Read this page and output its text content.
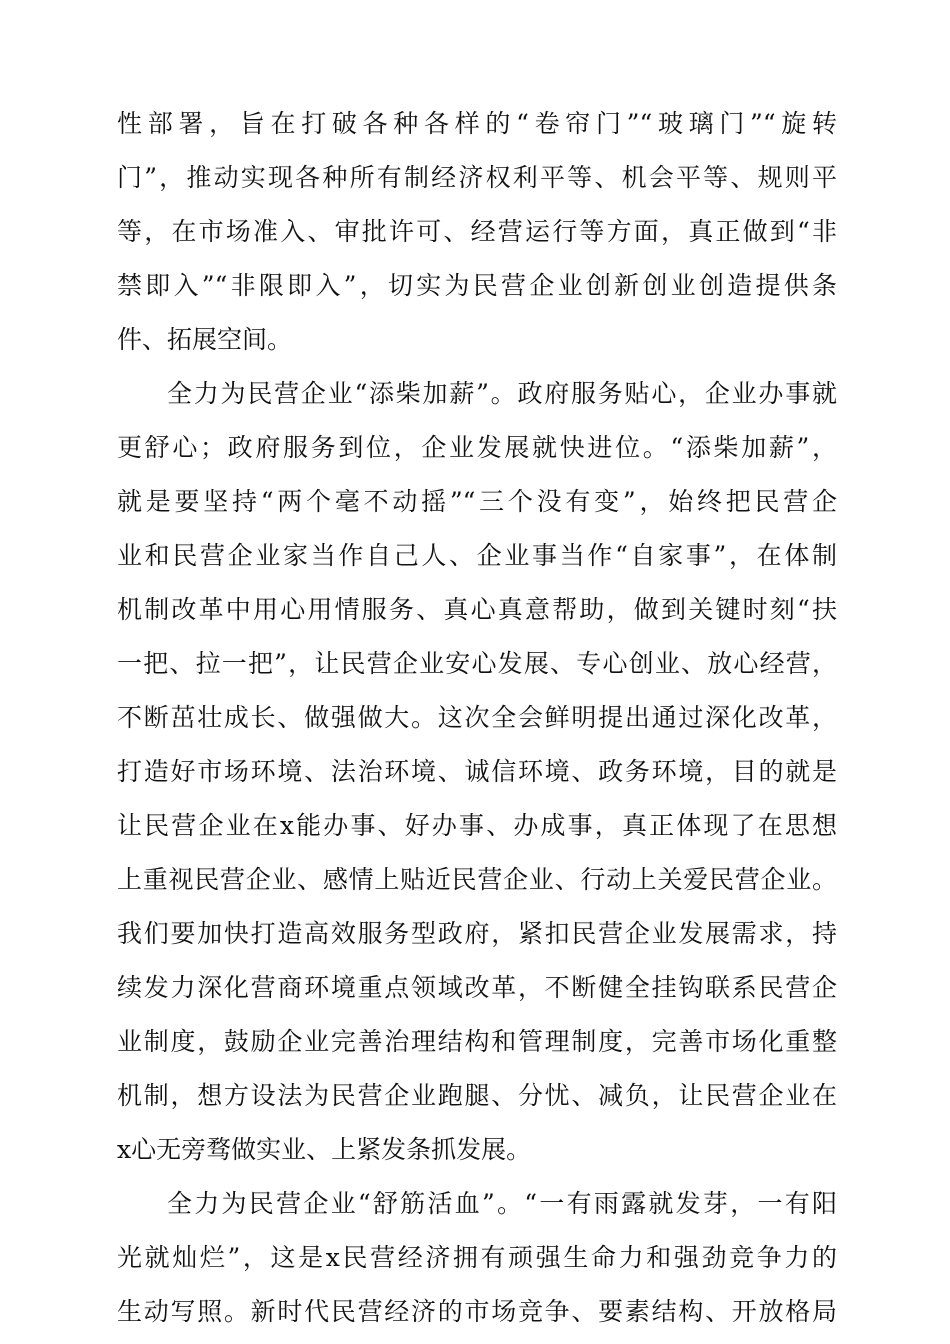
性部署，旨在打破各种各样的“卷帘门”“玻璃门”“旋转
门”，推动实现各种所有制经济权利平等、机会平等、规则平
等，在市场准入、审批许可、经营运行等方面，真正做到“非
禁即入”“非限即入”，切实为民营企业创新创业创造提供条
件、拓展空间。
全力为民营企业“添柴加薪”。政府服务贴心，企业办事就
更舒心；政府服务到位，企业发展就快进位。“添柴加薪”，
就是要坚持“两个毫不动摇”“三个没有变”，始终把民营企
业和民营企业家当作自己人、企业事当作“自家事”，在体制
机制改革中用心用情服务、真心真意帮助，做到关键时刻“扶
一把、拉一把”，让民营企业安心发展、专心创业、放心经营，
不断茁壮成长、做强做大。这次全会鲜明提出通过深化改革，
打造好市场环境、法治环境、诚信环境、政务环境，目的就是
让民营企业在x能办事、好办事、办成事，真正体现了在思想
上重视民营企业、感情上贴近民营企业、行动上关爱民营企业。
我们要加快打造高效服务型政府，紧扣民营企业发展需求，持
续发力深化营商环境重点领域改革，不断健全挂钩联系民营企
业制度，鼓励企业完善治理结构和管理制度，完善市场化重整
机制，想方设法为民营企业跑腿、分忧、减负，让民营企业在
x心无旁骛做实业、上紧发条抓发展。
全力为民营企业“舒筋活血”。“一有雨露就发芽，一有阳
光就灿烂”，这是x民营经济拥有顽强生命力和强劲竞争力的
生动写照。新时代民营经济的市场竞争、要素结构、开放格局
